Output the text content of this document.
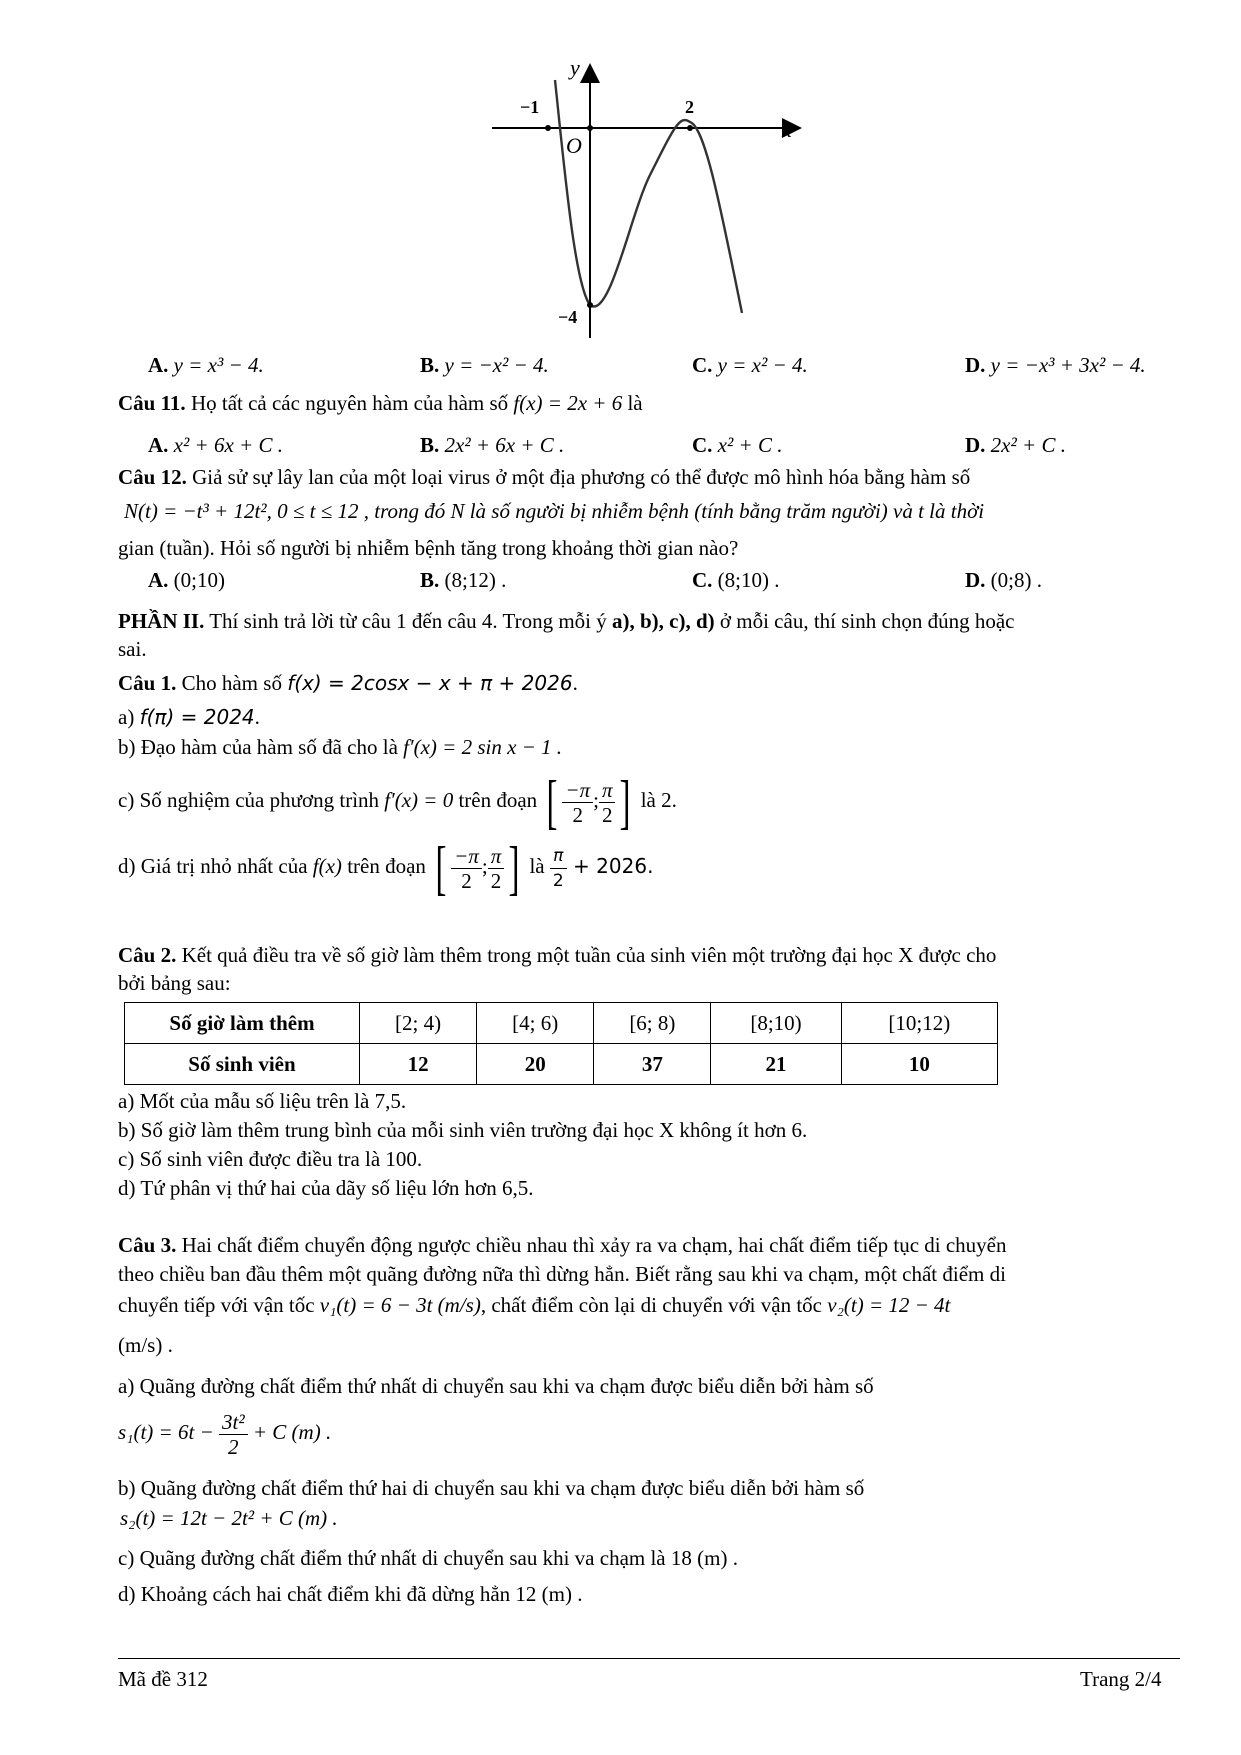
y
x
O
−1	2
−4
A. y = x³ − 4.	B. y = −x² − 4.	C. y = x² − 4.	D. y = −x³ + 3x² − 4.
Câu 11. Họ tất cả các nguyên hàm của hàm số f(x) = 2x + 6 là
A. x² + 6x + C .	B. 2x² + 6x + C .	C. x² + C .	D. 2x² + C .
Câu 12. Giả sử sự lây lan của một loại virus ở một địa phương có thể được mô hình hóa bằng hàm số
N(t) = −t³ + 12t², 0 ≤ t ≤ 12 , trong đó N là số người bị nhiễm bệnh (tính bằng trăm người) và t là thời
gian (tuần). Hỏi số người bị nhiễm bệnh tăng trong khoảng thời gian nào?
A. (0;10)	B. (8;12) .	C. (8;10) .	D. (0;8) .
PHẦN II. Thí sinh trả lời từ câu 1 đến câu 4. Trong mỗi ý a), b), c), d) ở mỗi câu, thí sinh chọn đúng hoặc
sai.
Câu 1. Cho hàm số f(x) = 2cosx − x + π + 2026.
a) f(π) = 2024.
b) Đạo hàm của hàm số đã cho là f′(x) = 2 sin x − 1 .
c) Số nghiệm của phương trình f′(x) = 0 trên đoạn [ $\frac{-\pi}{2}$ ; $\frac{\pi}{2}$ ] là 2.
d) Giá trị nhỏ nhất của f(x) trên đoạn [ $\frac{-\pi}{2}$ ; $\frac{\pi}{2}$ ] là $\frac{\pi}{2} + 2026$.
Câu 2. Kết quả điều tra về số giờ làm thêm trong một tuần của sinh viên một trường đại học X được cho
bởi bảng sau:
Số giờ làm thêm	[2; 4)	[4; 6)	[6; 8)	[8;10)	[10;12)
Số sinh viên	12	20	37	21	10
a) Mốt của mẫu số liệu trên là 7,5.
b) Số giờ làm thêm trung bình của mỗi sinh viên trường đại học X không ít hơn 6.
c) Số sinh viên được điều tra là 100.
d) Tứ phân vị thứ hai của dãy số liệu lớn hơn 6,5.
Câu 3. Hai chất điểm chuyển động ngược chiều nhau thì xảy ra va chạm, hai chất điểm tiếp tục di chuyển
theo chiều ban đầu thêm một quãng đường nữa thì dừng hẳn. Biết rằng sau khi va chạm, một chất điểm di
chuyển tiếp với vận tốc v₁(t) = 6 − 3t (m/s), chất điểm còn lại di chuyển với vận tốc v₂(t) = 12 − 4t
(m/s) .
a) Quãng đường chất điểm thứ nhất di chuyển sau khi va chạm được biểu diễn bởi hàm số
$s_1(t) = 6t - \frac{\text{3t²}}{2} + C$ (m) .
b) Quãng đường chất điểm thứ hai di chuyển sau khi va chạm được biểu diễn bởi hàm số
s₂(t) = 12t − 2t² + C (m) .
c) Quãng đường chất điểm thứ nhất di chuyển sau khi va chạm là 18 (m) .
d) Khoảng cách hai chất điểm khi đã dừng hẳn 12 (m) .
Mã đề 312	Trang 2/4
